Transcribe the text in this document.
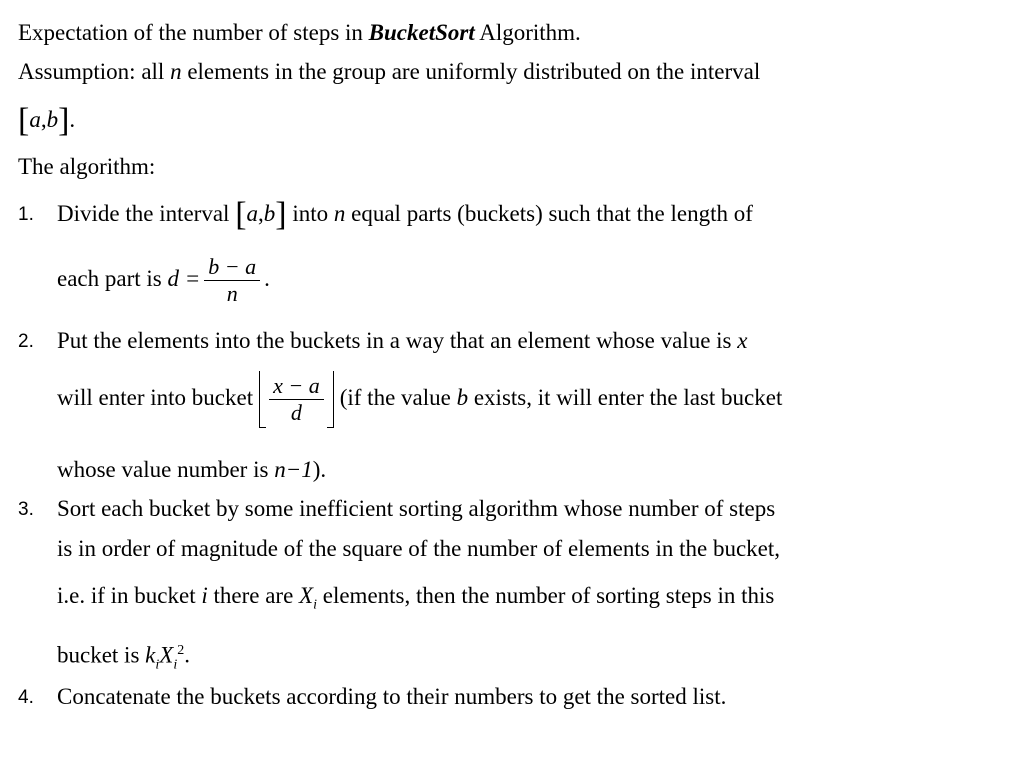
Expectation of the number of steps in BucketSort Algorithm.
Assumption: all n elements in the group are uniformly distributed on the interval
[a,b].
The algorithm:
1. Divide the interval [a,b] into n equal parts (buckets) such that the length of
each part is $d = \frac{b - a}{n}$ .
2. Put the elements into the buckets in a way that an element whose value is x
will enter into bucket $\frac{x - a}{d} (if$ the value b exists, it will enter the last bucket
whose value number is n−1).
3. Sort each bucket by some inefficient sorting algorithm whose number of steps
is in order of magnitude of the square of the number of elements in the bucket,
i.e. if in bucket i there are $X_i$ elements, then the number of sorting steps in this
bucket is $k_iX_i^2$.
4. Concatenate the buckets according to their numbers to get the sorted list.
